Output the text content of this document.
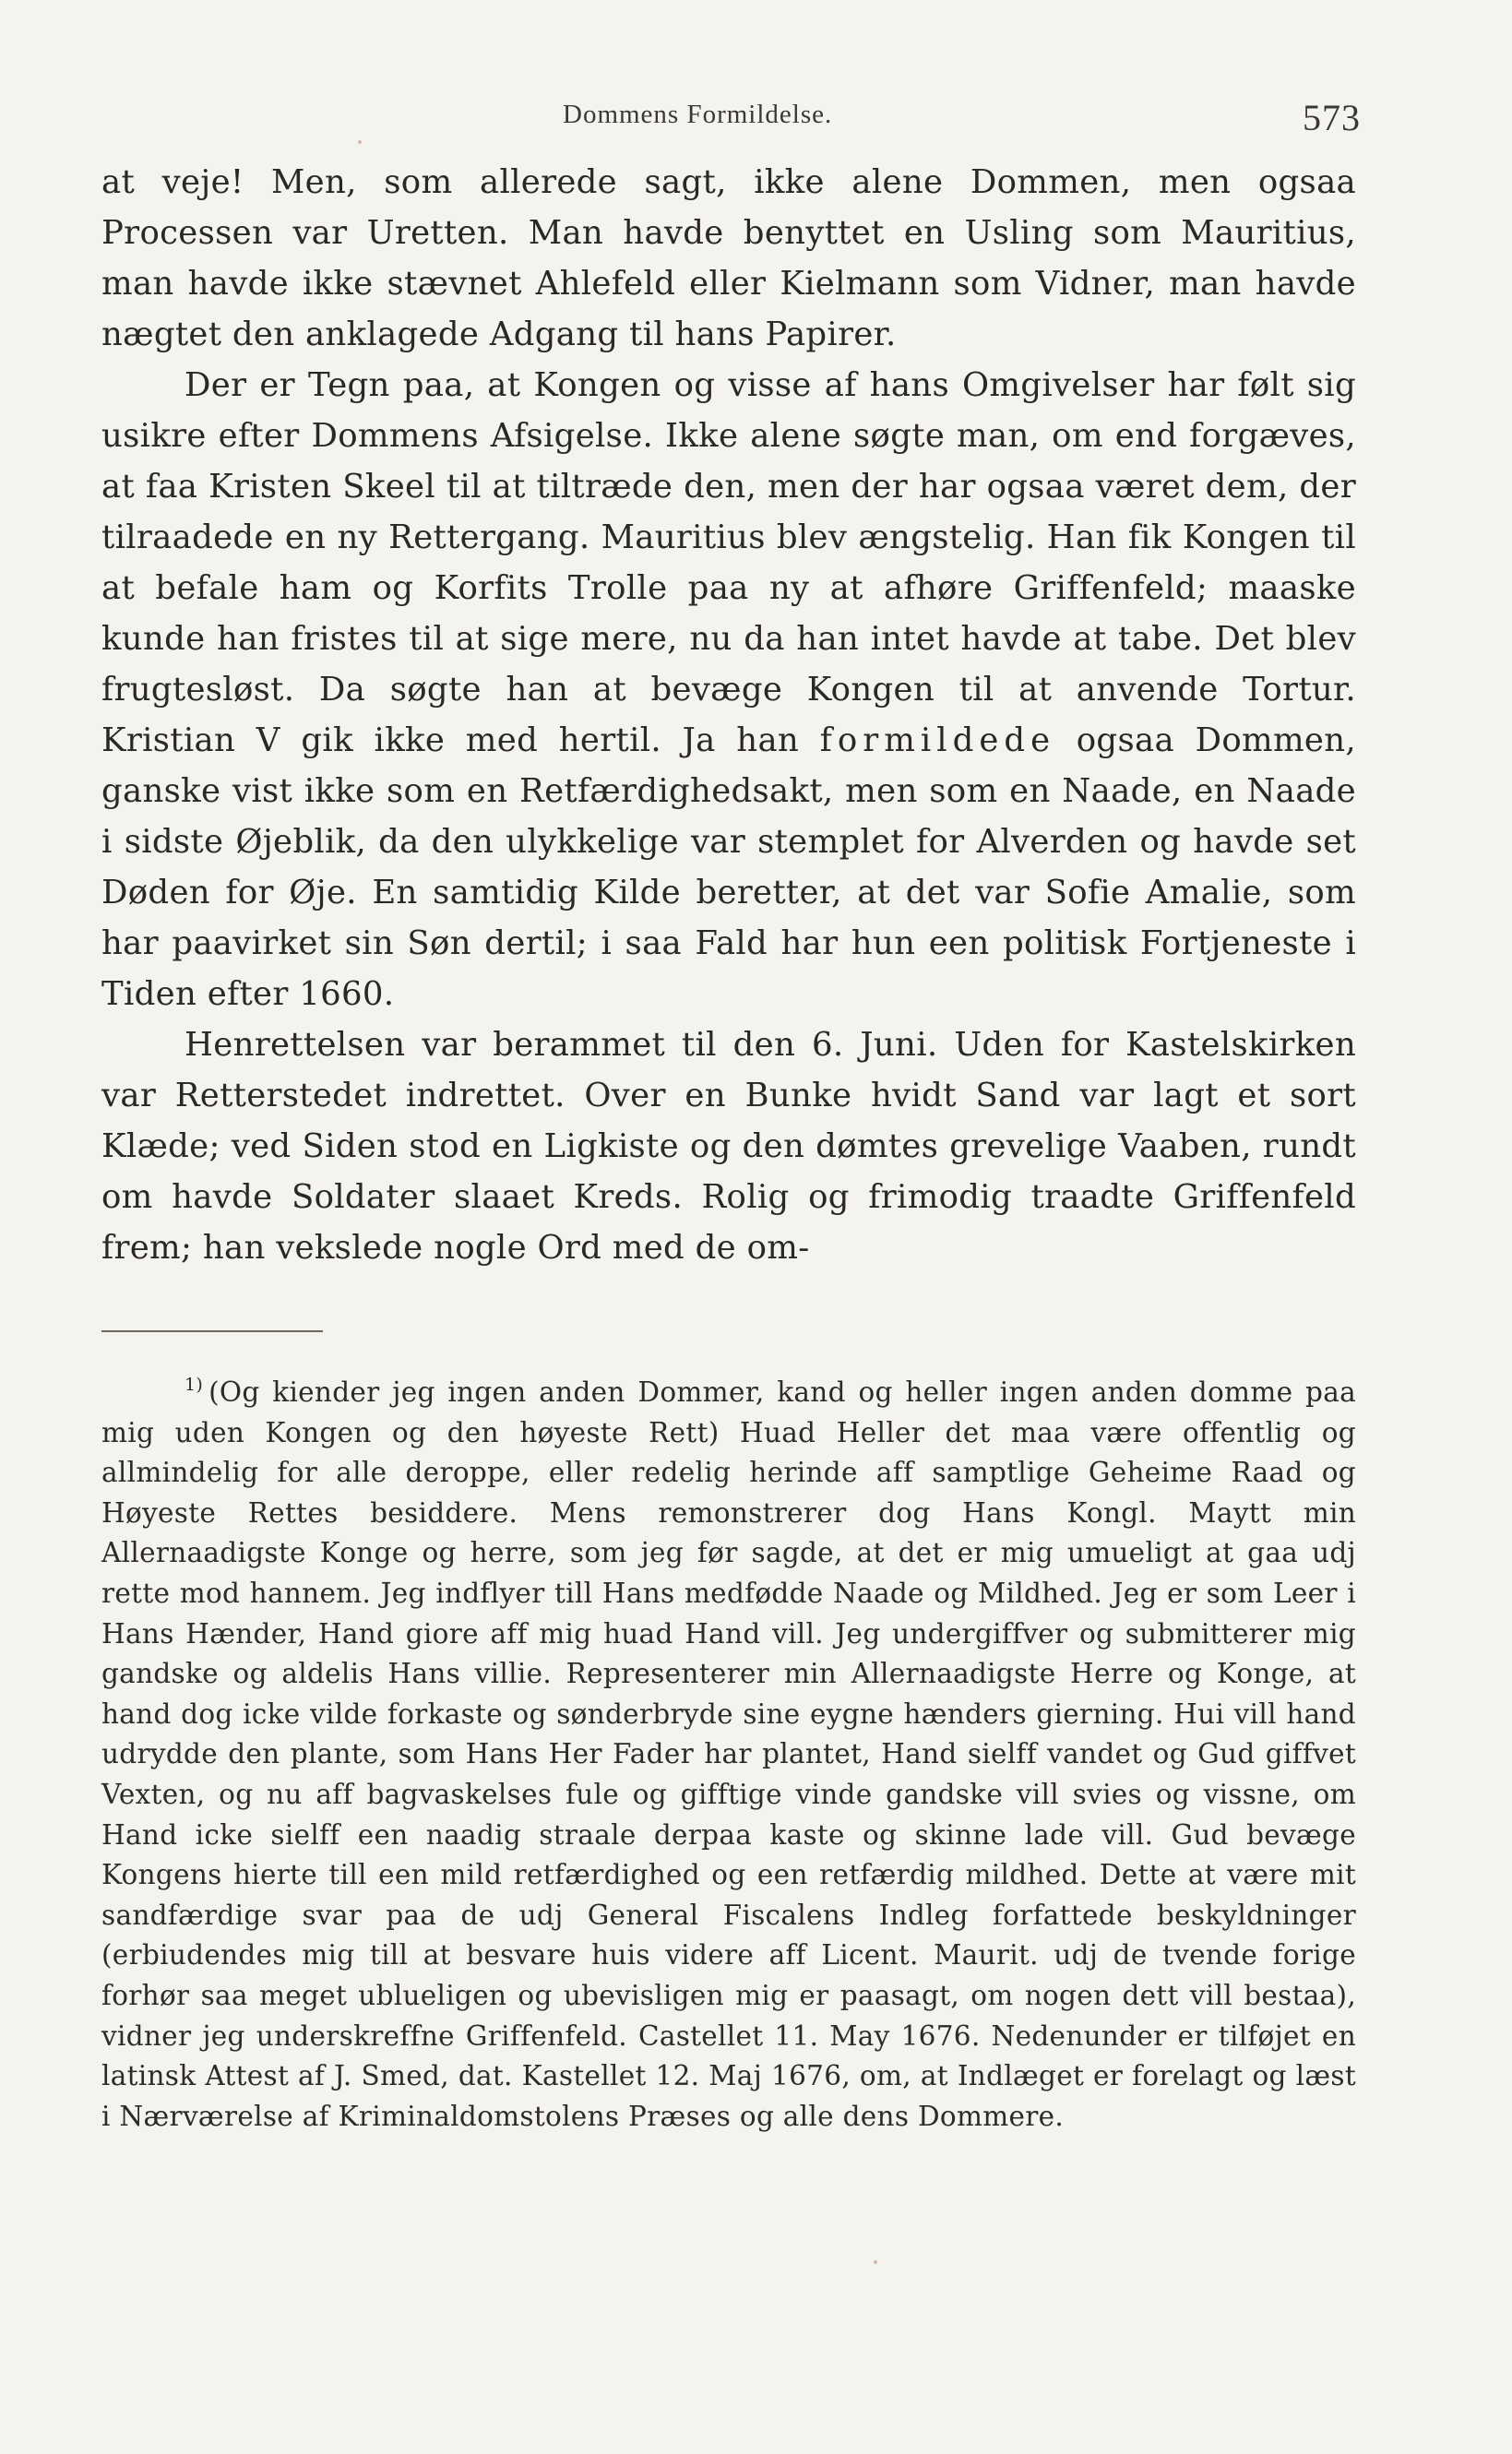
Dommens Formildelse.	573

at veje! Men, som allerede sagt, ikke alene Dommen, men ogsaa Processen var Uretten. Man havde benyttet en Usling som Mauritius, man havde ikke stævnet Ahlefeld eller Kielmann som Vidner, man havde nægtet den anklagede Adgang til hans Papirer.

Der er Tegn paa, at Kongen og visse af hans Omgivelser har følt sig usikre efter Dommens Afsigelse. Ikke alene søgte man, om end forgæves, at faa Kristen Skeel til at tiltræde den, men der har ogsaa været dem, der tilraadede en ny Rettergang. Mauritius blev ængstelig. Han fik Kongen til at befale ham og Korfits Trolle paa ny at afhøre Griffenfeld; maaske kunde han fristes til at sige mere, nu da han intet havde at tabe. Det blev frugtesløst. Da søgte han at bevæge Kongen til at anvende Tortur. Kristian V gik ikke med hertil. Ja han formildede ogsaa Dommen, ganske vist ikke som en Retfærdighedsakt, men som en Naade, en Naade i sidste Øjeblik, da den ulykkelige var stemplet for Alverden og havde set Døden for Øje. En samtidig Kilde beretter, at det var Sofie Amalie, som har paavirket sin Søn dertil; i saa Fald har hun een politisk Fortjeneste i Tiden efter 1660.

Henrettelsen var berammet til den 6. Juni. Uden for Kastelskirken var Retterstedet indrettet. Over en Bunke hvidt Sand var lagt et sort Klæde; ved Siden stod en Ligkiste og den dømtes grevelige Vaaben, rundt om havde Soldater slaaet Kreds. Rolig og frimodig traadte Griffenfeld frem; han vekslede nogle Ord med de om-

1) (Og kiender jeg ingen anden Dommer, kand og heller ingen anden domme paa mig uden Kongen og den høyeste Rett) Huad Heller det maa være offentlig og allmindelig for alle deroppe, eller redelig herinde aff samptlige Geheime Raad og Høyeste Rettes besiddere. Mens remonstrerer dog Hans Kongl. Maytt min Allernaadigste Konge og herre, som jeg før sagde, at det er mig umueligt at gaa udj rette mod hannem. Jeg indflyer till Hans medfødde Naade og Mildhed. Jeg er som Leer i Hans Hænder, Hand giore aff mig huad Hand vill. Jeg undergiffver og submitterer mig gandske og aldelis Hans villie. Representerer min Allernaadigste Herre og Konge, at hand dog icke vilde forkaste og sønderbryde sine eygne hænders gierning. Hui vill hand udrydde den plante, som Hans Her Fader har plantet, Hand sielff vandet og Gud giffvet Vexten, og nu aff bagvaskelses fule og gifftige vinde gandske vill svies og vissne, om Hand icke sielff een naadig straale derpaa kaste og skinne lade vill. Gud bevæge Kongens hierte till een mild retfærdighed og een retfærdig mildhed. Dette at være mit sandfærdige svar paa de udj General Fiscalens Indleg forfattede beskyldninger (erbiudendes mig till at besvare huis videre aff Licent. Maurit. udj de tvende forige forhør saa meget ublueligen og ubevisligen mig er paasagt, om nogen dett vill bestaa), vidner jeg underskreffne Griffenfeld. Castellet 11. May 1676. Nedenunder er tilføjet en latinsk Attest af J. Smed, dat. Kastellet 12. Maj 1676, om, at Indlæget er forelagt og læst i Nærværelse af Kriminaldomstolens Præses og alle dens Dommere.
